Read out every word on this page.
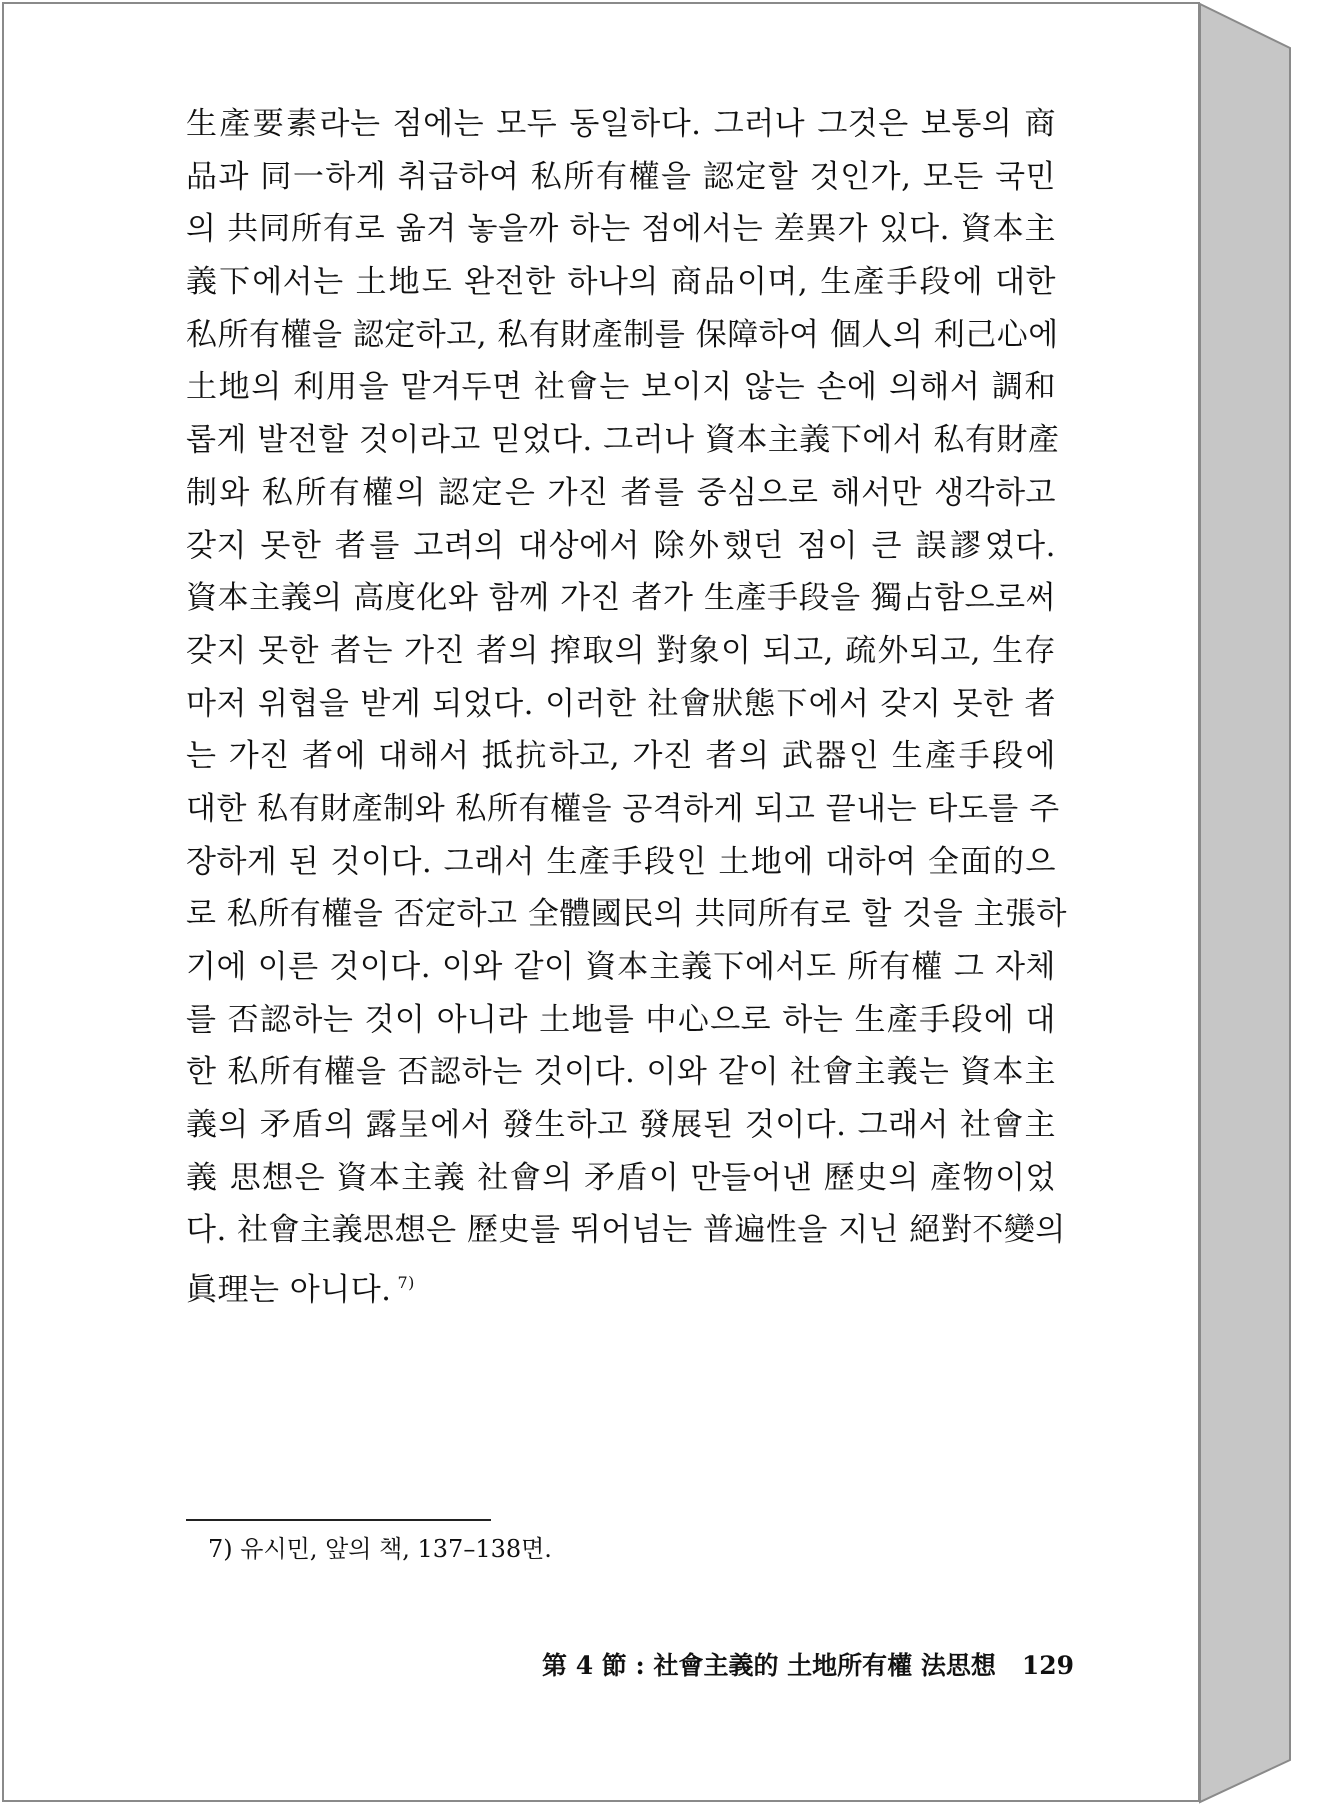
生產要素라는 점에는 모두 동일하다. 그러나 그것은 보통의 商
品과 同一하게 취급하여 私所有權을 認定할 것인가, 모든 국민
의 共同所有로 옮겨 놓을까 하는 점에서는 差異가 있다. 資本主
義下에서는 土地도 완전한 하나의 商品이며, 生產手段에 대한
私所有權을 認定하고, 私有財產制를 保障하여 個人의 利己心에
土地의 利用을 맡겨두면 社會는 보이지 않는 손에 의해서 調和
롭게 발전할 것이라고 믿었다. 그러나 資本主義下에서 私有財產
制와 私所有權의 認定은 가진 者를 중심으로 해서만 생각하고
갖지 못한 者를 고려의 대상에서 除外했던 점이 큰 誤謬였다.
資本主義의 高度化와 함께 가진 者가 生產手段을 獨占함으로써
갖지 못한 者는 가진 者의 搾取의 對象이 되고, 疏外되고, 生存
마저 위협을 받게 되었다. 이러한 社會狀態下에서 갖지 못한 者
는 가진 者에 대해서 抵抗하고, 가진 者의 武器인 生產手段에
대한 私有財產制와 私所有權을 공격하게 되고 끝내는 타도를 주
장하게 된 것이다. 그래서 生產手段인 土地에 대하여 全面的으
로 私所有權을 否定하고 全體國民의 共同所有로 할 것을 主張하
기에 이른 것이다. 이와 같이 資本主義下에서도 所有權 그 자체
를 否認하는 것이 아니라 土地를 中心으로 하는 生產手段에 대
한 私所有權을 否認하는 것이다. 이와 같이 社會主義는 資本主
義의 矛盾의 露呈에서 發生하고 發展된 것이다. 그래서 社會主
義 思想은 資本主義 社會의 矛盾이 만들어낸 歷史의 產物이었
다. 社會主義思想은 歷史를 뛰어넘는 普遍性을 지닌 絕對不變의
眞理는 아니다. $^{7)}$
7) 유시민, 앞의 책, 137–138면.
第 4 節 : 社會主義的 土地所有權 法思想 129
